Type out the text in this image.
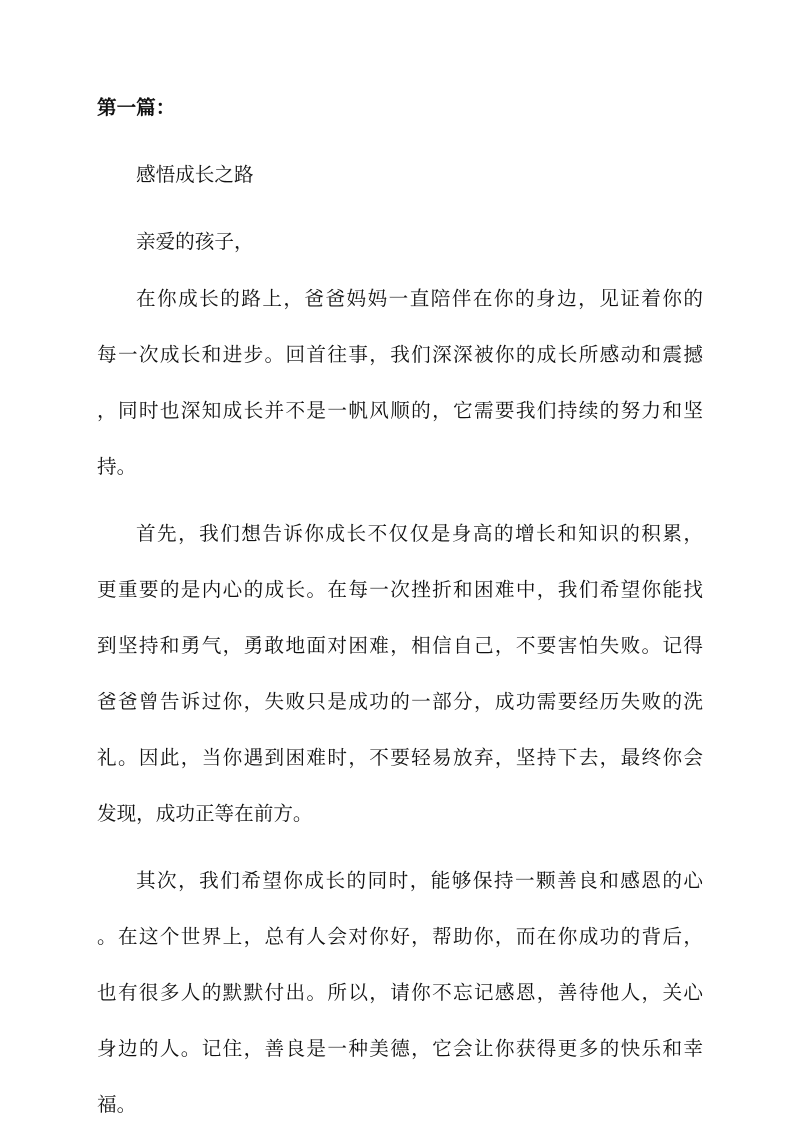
第一篇：
感悟成长之路
亲爱的孩子，
在你成长的路上，爸爸妈妈一直陪伴在你的身边，见证着你的
每一次成长和进步。回首往事，我们深深被你的成长所感动和震撼
，同时也深知成长并不是一帆风顺的，它需要我们持续的努力和坚
持。
首先，我们想告诉你成长不仅仅是身高的增长和知识的积累，
更重要的是内心的成长。在每一次挫折和困难中，我们希望你能找
到坚持和勇气，勇敢地面对困难，相信自己，不要害怕失败。记得
爸爸曾告诉过你，失败只是成功的一部分，成功需要经历失败的洗
礼。因此，当你遇到困难时，不要轻易放弃，坚持下去，最终你会
发现，成功正等在前方。
其次，我们希望你成长的同时，能够保持一颗善良和感恩的心
。在这个世界上，总有人会对你好，帮助你，而在你成功的背后，
也有很多人的默默付出。所以，请你不忘记感恩，善待他人，关心
身边的人。记住，善良是一种美德，它会让你获得更多的快乐和幸
福。
